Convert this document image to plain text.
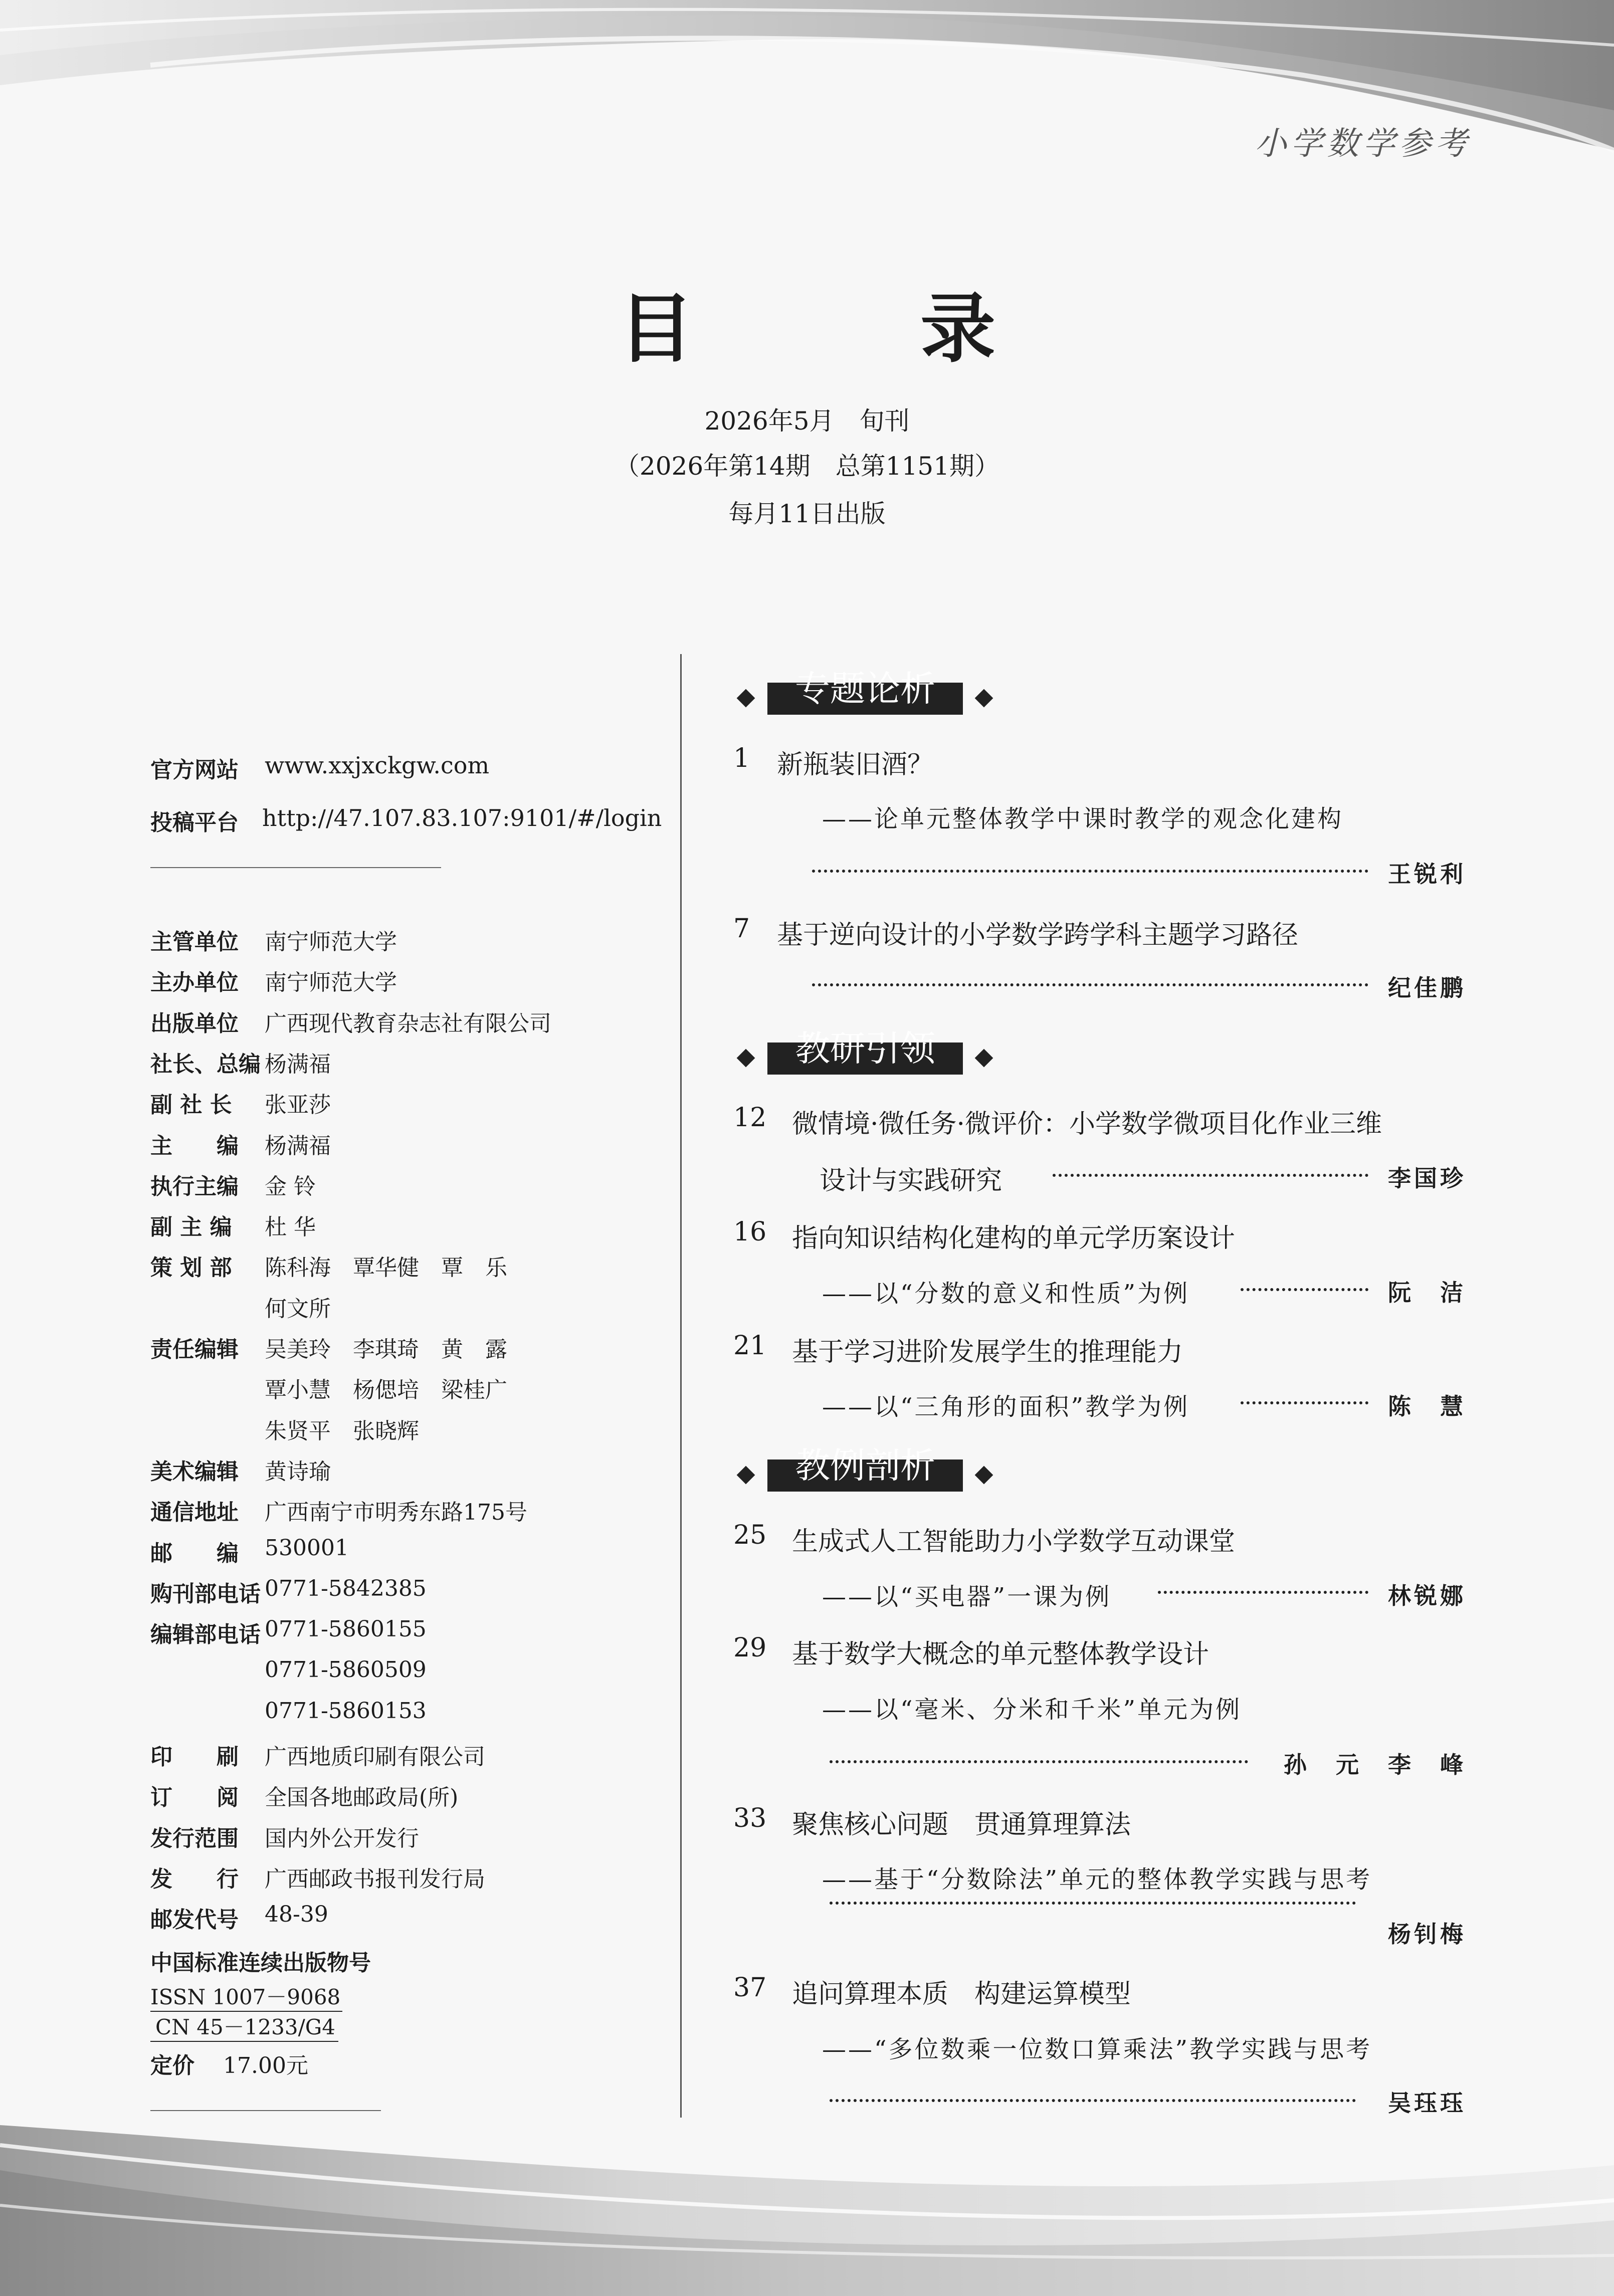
小学数学参考
目 录
2026年5月　旬刊
（2026年第14期　总第1151期）
每月11日出版
官方网站 www.xxjxckgw.com
投稿平台 http://47.107.83.107:9101/#/login
主管单位 南宁师范大学
主办单位 南宁师范大学
出版单位 广西现代教育杂志社有限公司
社长、总编 杨满福
副 社 长 张亚莎
主　　编 杨满福
执行主编 金 铃
副 主 编 杜 华
策 划 部 陈科海　覃华健　覃　乐
何文所
责任编辑 吴美玲　李琪琦　黄　露
覃小慧　杨偲培　梁桂广
朱贤平　张晓辉
美术编辑 黄诗瑜
通信地址 广西南宁市明秀东路175号
邮　　编 530001
购刊部电话 0771-5842385
编辑部电话 0771-5860155
0771-5860509
0771-5860153
印　　刷 广西地质印刷有限公司
订　　阅 全国各地邮政局(所)
发行范围 国内外公开发行
发　　行 广西邮政书报刊发行局
邮发代号 48-39
中国标准连续出版物号
ISSN 1007－9068
CN 45－1233/G4
定价 17.00元
专题论析
教研引领
教例剖析
1 新瓶装旧酒？
——论单元整体教学中课时教学的观念化建构
王锐利
7 基于逆向设计的小学数学跨学科主题学习路径
纪佳鹏
12 微情境·微任务·微评价：小学数学微项目化作业三维
设计与实践研究	李国珍
16 指向知识结构化建构的单元学历案设计
——以“分数的意义和性质”为例	阮　洁
21 基于学习进阶发展学生的推理能力
——以“三角形的面积”教学为例	陈　慧
25 生成式人工智能助力小学数学互动课堂
——以“买电器”一课为例	林锐娜
29 基于数学大概念的单元整体教学设计
——以“毫米、分米和千米”单元为例
孙　元　李　峰
33 聚焦核心问题　贯通算理算法
——基于“分数除法”单元的整体教学实践与思考
杨钊梅
37 追问算理本质　构建运算模型
——“多位数乘一位数口算乘法”教学实践与思考
吴珏珏
